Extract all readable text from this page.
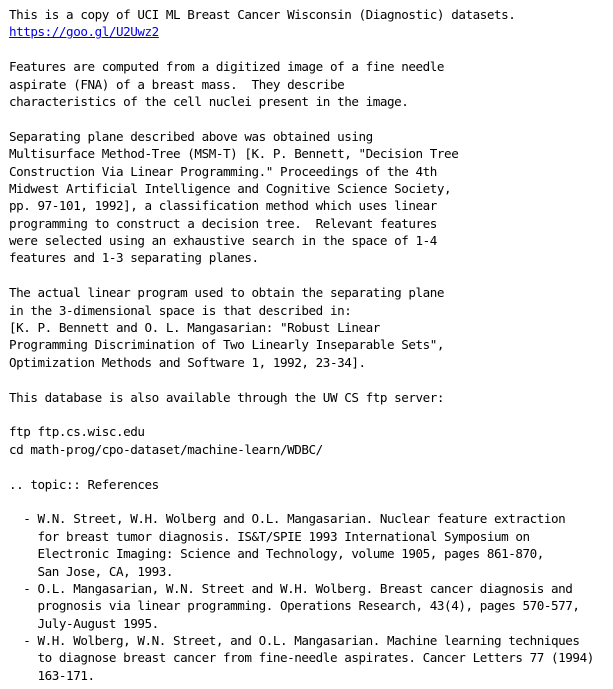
This is a copy of UCI ML Breast Cancer Wisconsin (Diagnostic) datasets.
https://goo.gl/U2Uwz2
Features are computed from a digitized image of a fine needle
aspirate (FNA) of a breast mass.  They describe
characteristics of the cell nuclei present in the image.
Separating plane described above was obtained using
Multisurface Method-Tree (MSM-T) [K. P. Bennett, "Decision Tree
Construction Via Linear Programming." Proceedings of the 4th
Midwest Artificial Intelligence and Cognitive Science Society,
pp. 97-101, 1992], a classification method which uses linear
programming to construct a decision tree.  Relevant features
were selected using an exhaustive search in the space of 1-4
features and 1-3 separating planes.
The actual linear program used to obtain the separating plane
in the 3-dimensional space is that described in:
[K. P. Bennett and O. L. Mangasarian: "Robust Linear
Programming Discrimination of Two Linearly Inseparable Sets",
Optimization Methods and Software 1, 1992, 23-34].
This database is also available through the UW CS ftp server:
ftp ftp.cs.wisc.edu
cd math-prog/cpo-dataset/machine-learn/WDBC/
.. topic:: References
- W.N. Street, W.H. Wolberg and O.L. Mangasarian. Nuclear feature extraction
for breast tumor diagnosis. IS&T/SPIE 1993 International Symposium on
Electronic Imaging: Science and Technology, volume 1905, pages 861-870,
San Jose, CA, 1993.
- O.L. Mangasarian, W.N. Street and W.H. Wolberg. Breast cancer diagnosis and
prognosis via linear programming. Operations Research, 43(4), pages 570-577,
July-August 1995.
- W.H. Wolberg, W.N. Street, and O.L. Mangasarian. Machine learning techniques
to diagnose breast cancer from fine-needle aspirates. Cancer Letters 77 (1994)
163-171.
